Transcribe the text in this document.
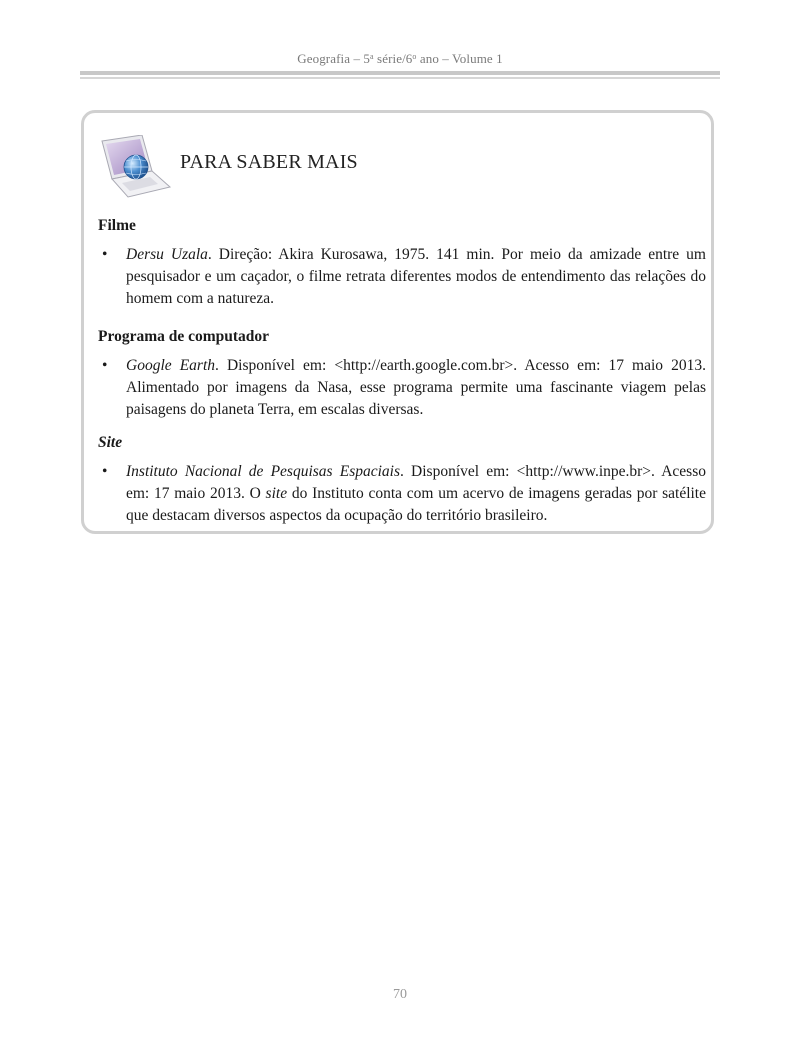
Geografia – 5$^a$ série/6$^o$ ano – Volume 1
PARA SABER MAIS
Filme
• Dersu Uzala. Direção: Akira Kurosawa, 1975. 141 min. Por meio da amizade entre um pesquisador e um caçador, o filme retrata diferentes modos de entendimento das relações do homem com a natureza.
Programa de computador
• Google Earth. Disponível em: <http://earth.google.com.br>. Acesso em: 17 maio 2013. Alimentado por imagens da Nasa, esse programa permite uma fascinante viagem pelas paisagens do planeta Terra, em escalas diversas.
Site
• Instituto Nacional de Pesquisas Espaciais. Disponível em: <http://www.inpe.br>. Acesso em: 17 maio 2013. O site do Instituto conta com um acervo de imagens geradas por satélite que destacam diversos aspectos da ocupação do território brasileiro.
70
